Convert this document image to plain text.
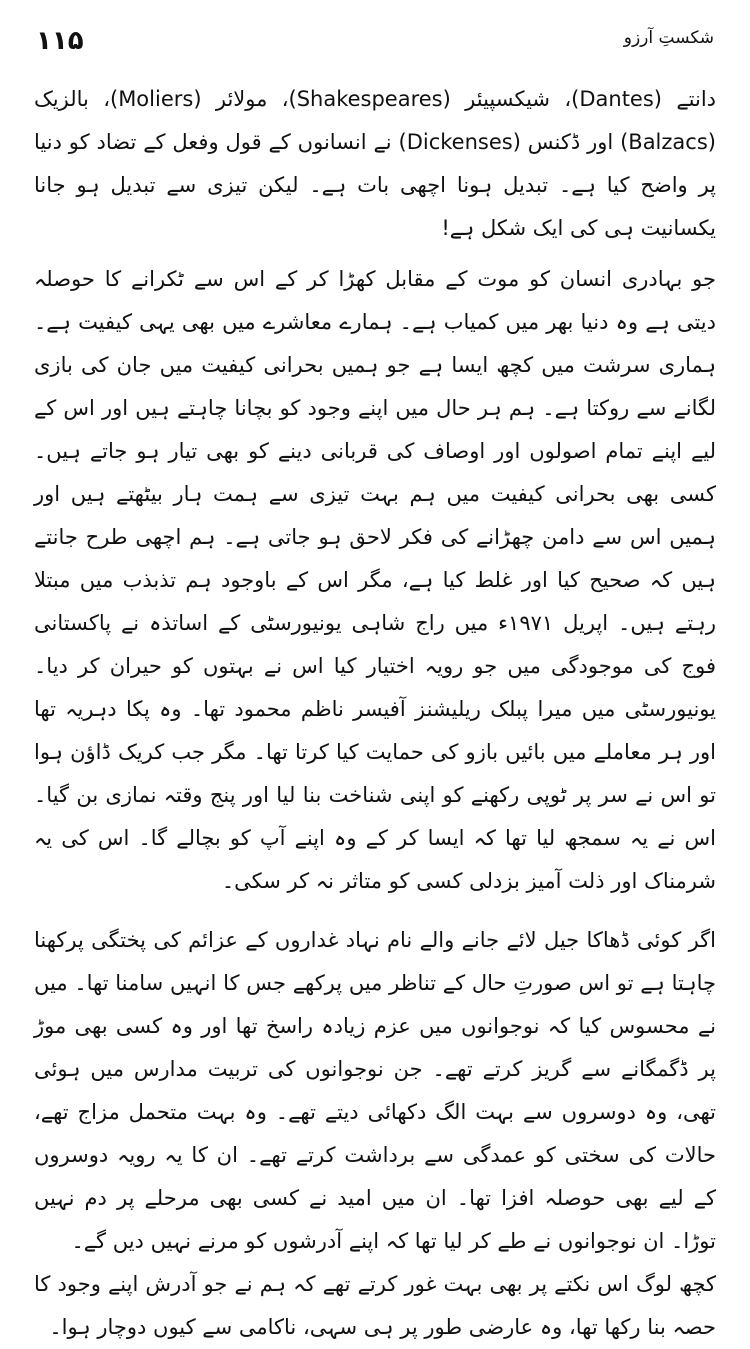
۱۱۵	شکستِ آرزو

دانتے (Dantes)، شیکسپیئر (Shakespeares)، مولائر (Moliers)، بالزیک (Balzacs) اور ڈکنس (Dickenses) نے انسانوں کے قول وفعل کے تضاد کو دنیا پر واضح کیا ہے۔ تبدیل ہونا اچھی بات ہے۔ لیکن تیزی سے تبدیل ہو جانا یکسانیت ہی کی ایک شکل ہے!

جو بہادری انسان کو موت کے مقابل کھڑا کر کے اس سے ٹکرانے کا حوصلہ دیتی ہے وہ دنیا بھر میں کمیاب ہے۔ ہمارے معاشرے میں بھی یہی کیفیت ہے۔ ہماری سرشت میں کچھ ایسا ہے جو ہمیں بحرانی کیفیت میں جان کی بازی لگانے سے روکتا ہے۔ ہم ہر حال میں اپنے وجود کو بچانا چاہتے ہیں اور اس کے لیے اپنے تمام اصولوں اور اوصاف کی قربانی دینے کو بھی تیار ہو جاتے ہیں۔ کسی بھی بحرانی کیفیت میں ہم بہت تیزی سے ہمت ہار بیٹھتے ہیں اور ہمیں اس سے دامن چھڑانے کی فکر لاحق ہو جاتی ہے۔ ہم اچھی طرح جانتے ہیں کہ صحیح کیا اور غلط کیا ہے، مگر اس کے باوجود ہم تذبذب میں مبتلا رہتے ہیں۔ اپریل ۱۹۷۱ء میں راج شاہی یونیورسٹی کے اساتذہ نے پاکستانی فوج کی موجودگی میں جو رویہ اختیار کیا اس نے بہتوں کو حیران کر دیا۔ یونیورسٹی میں میرا پبلک ریلیشنز آفیسر ناظم محمود تھا۔ وہ پکا دہریہ تھا اور ہر معاملے میں بائیں بازو کی حمایت کیا کرتا تھا۔ مگر جب کریک ڈاؤن ہوا تو اس نے سر پر ٹوپی رکھنے کو اپنی شناخت بنا لیا اور پنج وقتہ نمازی بن گیا۔ اس نے یہ سمجھ لیا تھا کہ ایسا کر کے وہ اپنے آپ کو بچالے گا۔ اس کی یہ شرمناک اور ذلت آمیز بزدلی کسی کو متاثر نہ کر سکی۔

اگر کوئی ڈھاکا جیل لائے جانے والے نام نہاد غداروں کے عزائم کی پختگی پرکھنا چاہتا ہے تو اس صورتِ حال کے تناظر میں پرکھے جس کا انہیں سامنا تھا۔ میں نے محسوس کیا کہ نوجوانوں میں عزم زیادہ راسخ تھا اور وہ کسی بھی موڑ پر ڈگمگانے سے گریز کرتے تھے۔ جن نوجوانوں کی تربیت مدارس میں ہوئی تھی، وہ دوسروں سے بہت الگ دکھائی دیتے تھے۔ وہ بہت متحمل مزاج تھے، حالات کی سختی کو عمدگی سے برداشت کرتے تھے۔ ان کا یہ رویہ دوسروں کے لیے بھی حوصلہ افزا تھا۔ ان میں امید نے کسی بھی مرحلے پر دم نہیں توڑا۔ ان نوجوانوں نے طے کر لیا تھا کہ اپنے آدرشوں کو مرنے نہیں دیں گے۔

کچھ لوگ اس نکتے پر بھی بہت غور کرتے تھے کہ ہم نے جو آدرش اپنے وجود کا حصہ بنا رکھا تھا، وہ عارضی طور پر ہی سہی، ناکامی سے کیوں دوچار ہوا۔
